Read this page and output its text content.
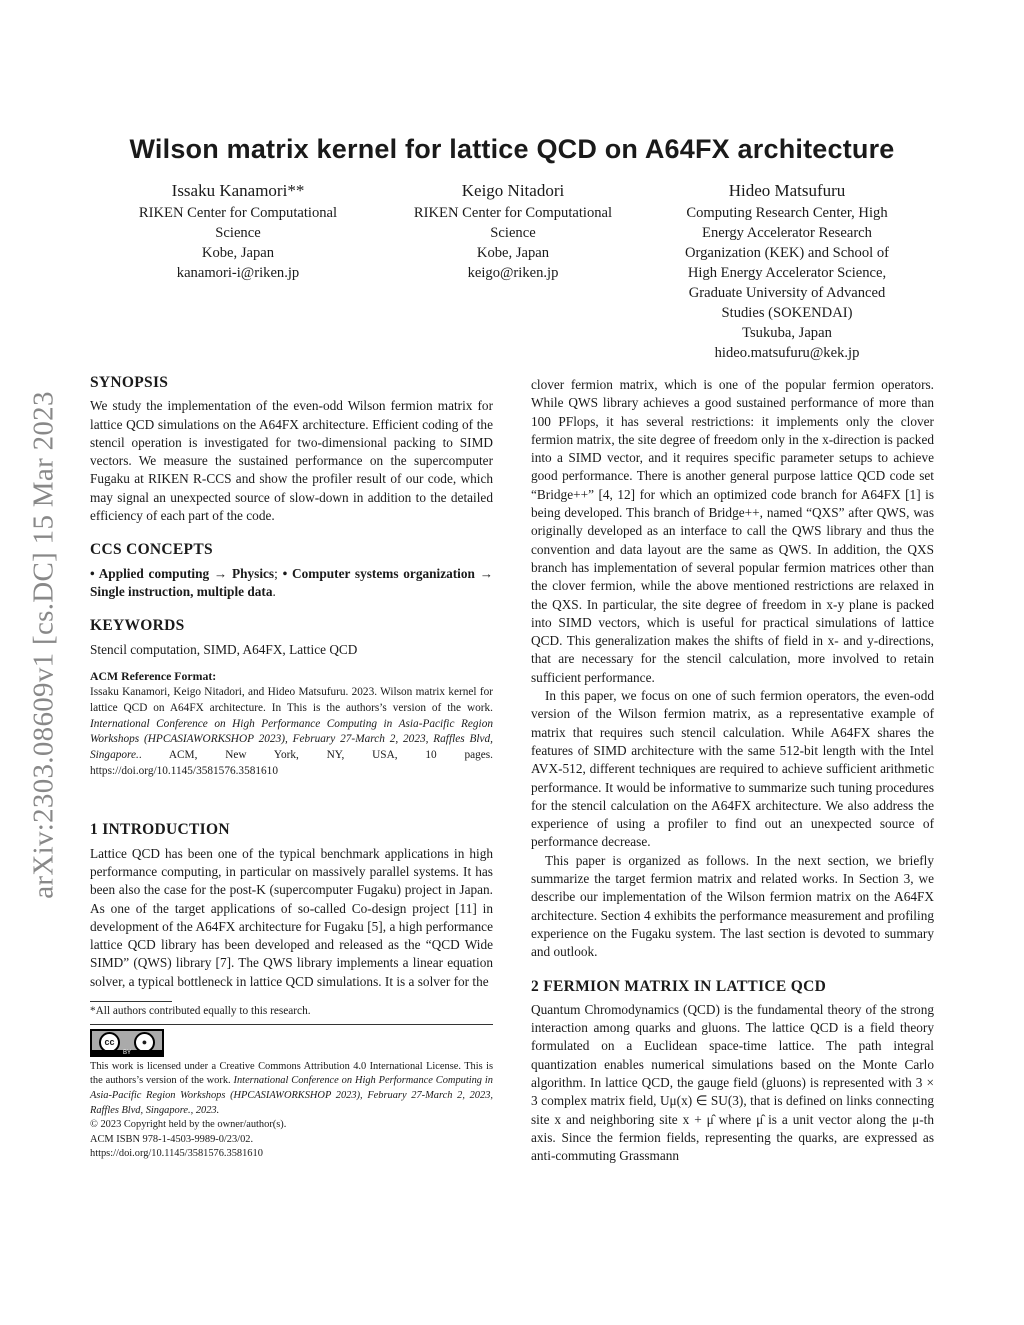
arXiv:2303.08609v1 [cs.DC] 15 Mar 2023
Wilson matrix kernel for lattice QCD on A64FX architecture
Issaku Kanamori**
RIKEN Center for Computational
Science
Kobe, Japan
kanamori-i@riken.jp
Keigo Nitadori
RIKEN Center for Computational
Science
Kobe, Japan
keigo@riken.jp
Hideo Matsufuru
Computing Research Center, High
Energy Accelerator Research
Organization (KEK) and School of
High Energy Accelerator Science,
Graduate University of Advanced
Studies (SOKENDAI)
Tsukuba, Japan
hideo.matsufuru@kek.jp
SYNOPSIS

We study the implementation of the even-odd Wilson fermion matrix for lattice QCD simulations on the A64FX architecture. Efficient coding of the stencil operation is investigated for two-dimensional packing to SIMD vectors. We measure the sustained performance on the supercomputer Fugaku at RIKEN R-CCS and show the profiler result of our code, which may signal an unexpected source of slow-down in addition to the detailed efficiency of each part of the code.

CCS CONCEPTS

• Applied computing → Physics; • Computer systems organization → Single instruction, multiple data.

KEYWORDS

Stencil computation, SIMD, A64FX, Lattice QCD

ACM Reference Format:

Issaku Kanamori, Keigo Nitadori, and Hideo Matsufuru. 2023. Wilson matrix kernel for lattice QCD on A64FX architecture. In This is the authors’s version of the work. International Conference on High Performance Computing in Asia-Pacific Region Workshops (HPCASIAWORKSHOP 2023), February 27-March 2, 2023, Raffles Blvd, Singapore.. ACM, New York, NY, USA, 10 pages. https://doi.org/10.1145/3581576.3581610

1 INTRODUCTION

Lattice QCD has been one of the typical benchmark applications in high performance computing, in particular on massively parallel systems. It has been also the case for the post-K (supercomputer Fugaku) project in Japan. As one of the target applications of so-called Co-design project [11] in development of the A64FX architecture for Fugaku [5], a high performance lattice QCD library has been developed and released as the “QCD Wide SIMD” (QWS) library [7]. The QWS library implements a linear equation solver, a typical bottleneck in lattice QCD simulations. It is a solver for the

*All authors contributed equally to this research.

cc	●
BY

This work is licensed under a Creative Commons Attribution 4.0 International License. This is the authors’s version of the work. International Conference on High Performance Computing in Asia-Pacific Region Workshops (HPCASIAWORKSHOP 2023), February 27-March 2, 2023, Raffles Blvd, Singapore., 2023.

© 2023 Copyright held by the owner/author(s).

ACM ISBN 978-1-4503-9989-0/23/02.

https://doi.org/10.1145/3581576.3581610

clover fermion matrix, which is one of the popular fermion operators. While QWS library achieves a good sustained performance of more than 100 PFlops, it has several restrictions: it implements only the clover fermion matrix, the site degree of freedom only in the x-direction is packed into a SIMD vector, and it requires specific parameter setups to achieve good performance. There is another general purpose lattice QCD code set “Bridge++” [4, 12] for which an optimized code branch for A64FX [1] is being developed. This branch of Bridge++, named “QXS” after QWS, was originally developed as an interface to call the QWS library and thus the convention and data layout are the same as QWS. In addition, the QXS branch has implementation of several popular fermion matrices other than the clover fermion, while the above mentioned restrictions are relaxed in the QXS. In particular, the site degree of freedom in x-y plane is packed into SIMD vectors, which is useful for practical simulations of lattice QCD. This generalization makes the shifts of field in x- and y-directions, that are necessary for the stencil calculation, more involved to retain sufficient performance.

In this paper, we focus on one of such fermion operators, the even-odd version of the Wilson fermion matrix, as a representative example of matrix that requires such stencil calculation. While A64FX shares the features of SIMD architecture with the same 512-bit length with the Intel AVX-512, different techniques are required to achieve sufficient arithmetic performance. It would be informative to summarize such tuning procedures for the stencil calculation on the A64FX architecture. We also address the experience of using a profiler to find out an unexpected source of performance decrease.

This paper is organized as follows. In the next section, we briefly summarize the target fermion matrix and related works. In Section 3, we describe our implementation of the Wilson fermion matrix on the A64FX architecture. Section 4 exhibits the performance measurement and profiling experience on the Fugaku system. The last section is devoted to summary and outlook.

2 FERMION MATRIX IN LATTICE QCD

Quantum Chromodynamics (QCD) is the fundamental theory of the strong interaction among quarks and gluons. The lattice QCD is a field theory formulated on a Euclidean space-time lattice. The path integral quantization enables numerical simulations based on the Monte Carlo algorithm. In lattice QCD, the gauge field (gluons) is represented with 3 × 3 complex matrix field, Uμ(x) ∈ SU(3), that is defined on links connecting site x and neighboring site x + μ̂ where μ̂ is a unit vector along the μ-th axis. Since the fermion fields, representing the quarks, are expressed as anti-commuting Grassmann
